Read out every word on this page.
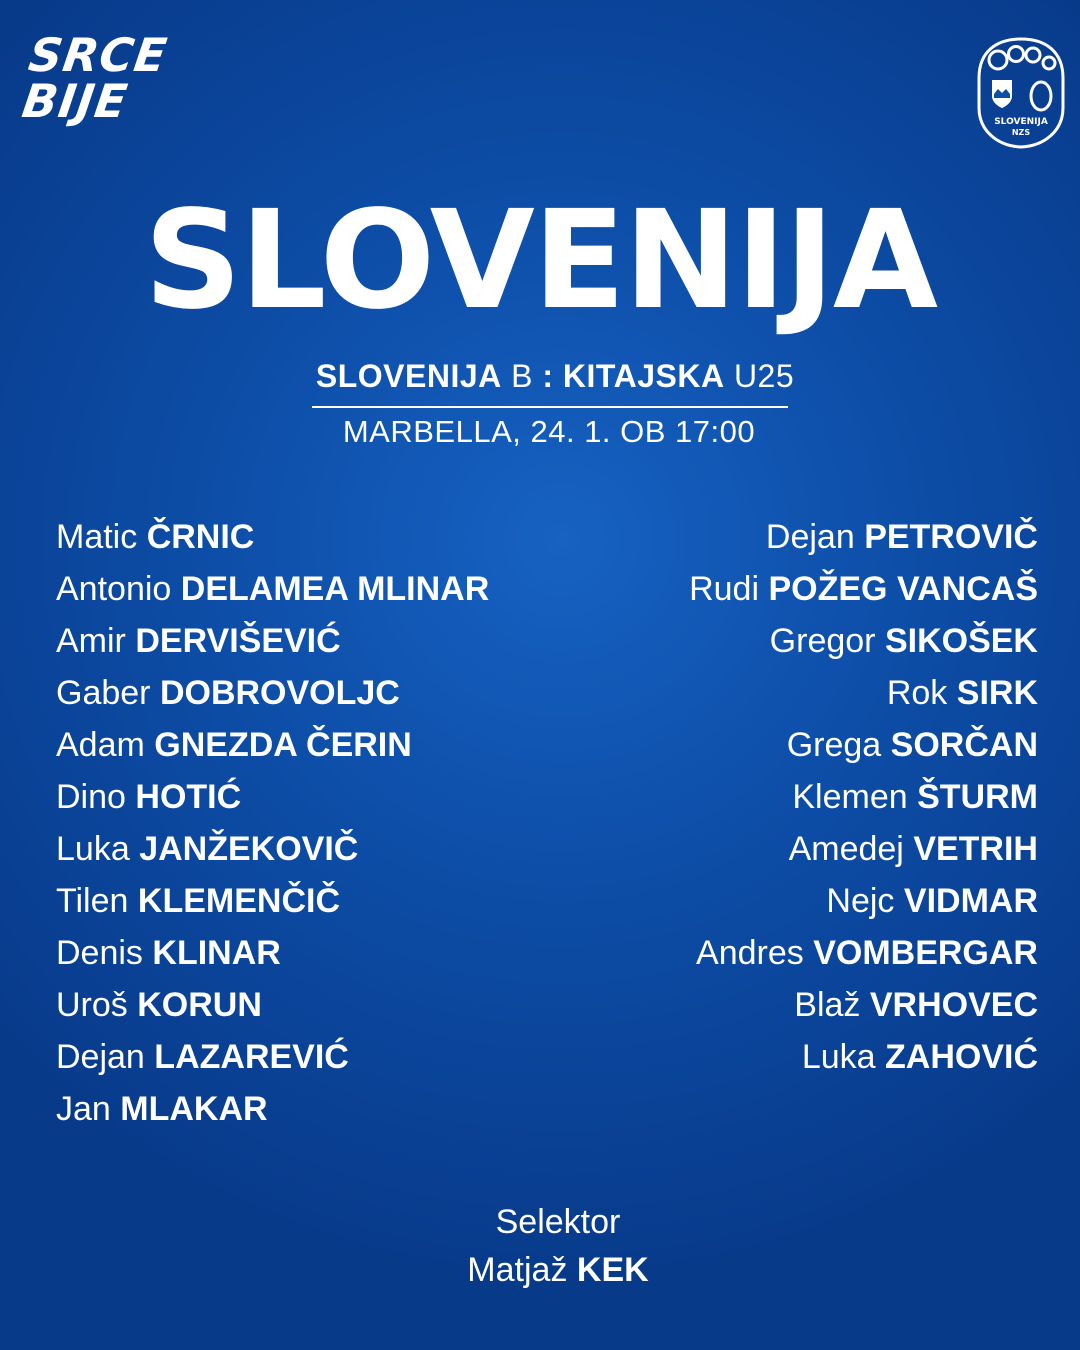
SRCE
BIJE	SLOVENIJA
NZS
SLOVENIJA
SLOVENIJA B : KITAJSKA U25
MARBELLA, 24. 1. OB 17:00
Matic ČRNIC
Antonio DELAMEA MLINAR
Amir DERVIŠEVIĆ
Gaber DOBROVOLJC
Adam GNEZDA ČERIN
Dino HOTIĆ
Luka JANŽEKOVIČ
Tilen KLEMENČIČ
Denis KLINAR
Uroš KORUN
Dejan LAZAREVIĆ
Jan MLAKAR
Dejan PETROVIČ
Rudi POŽEG VANCAŠ
Gregor SIKOŠEK
Rok SIRK
Grega SORČAN
Klemen ŠTURM
Amedej VETRIH
Nejc VIDMAR
Andres VOMBERGAR
Blaž VRHOVEC
Luka ZAHOVIĆ
Selektor
Matjaž KEK
